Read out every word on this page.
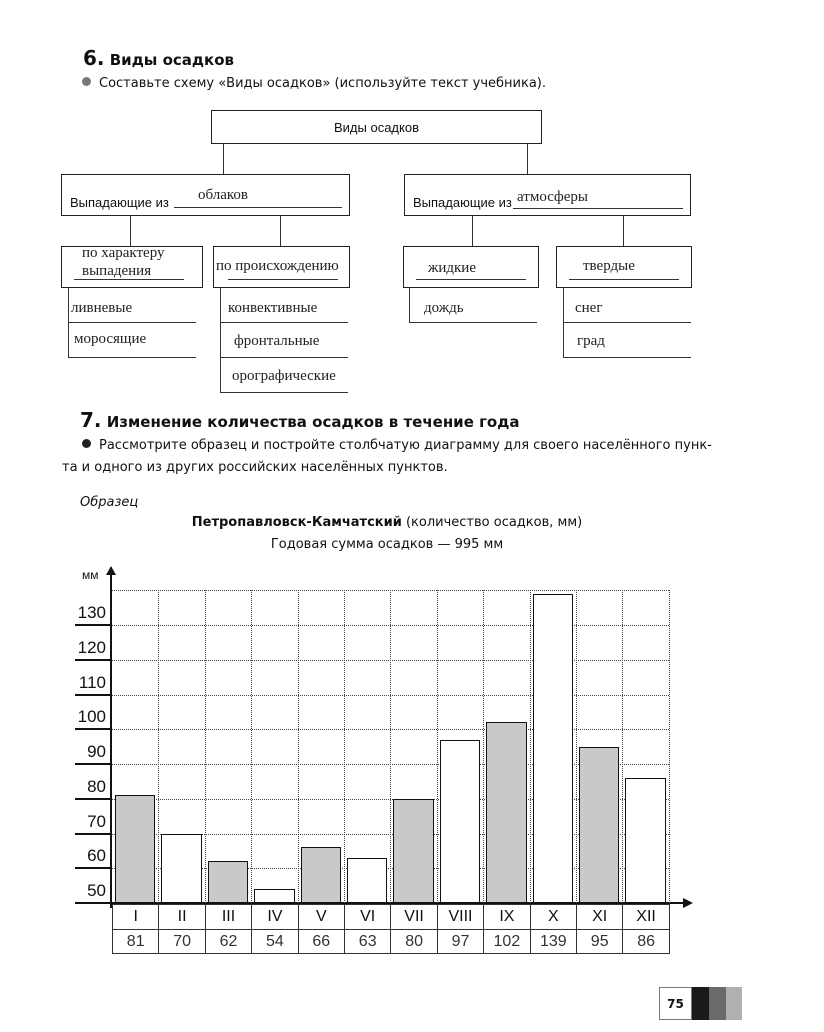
6. Виды осадков
Составьте схему «Виды осадков» (используйте текст учебника).
Виды осадков
Выпадающие из облаков	Выпадающие из атмосферы
по характеру
выпадения
ливневые
моросящие
по происхождению
конвективные
фронтальные
орографические
жидкие
дождь
твердые
снег
град
7. Изменение количества осадков в течение года
Рассмотрите образец и постройте столбчатую диаграмму для своего населённого пунк-
та и одного из других российских населённых пунктов.
Образец
Петропавловск-Камчатский (количество осадков, мм)
Годовая сумма осадков — 995 мм
мм
50
60
70
80
90
100
110
120
130
I
81
II
70
III
62
IV
54
V
66
VI
63
VII
80
VIII
97
IX
102
X
139
XI
95
XII
86
75
